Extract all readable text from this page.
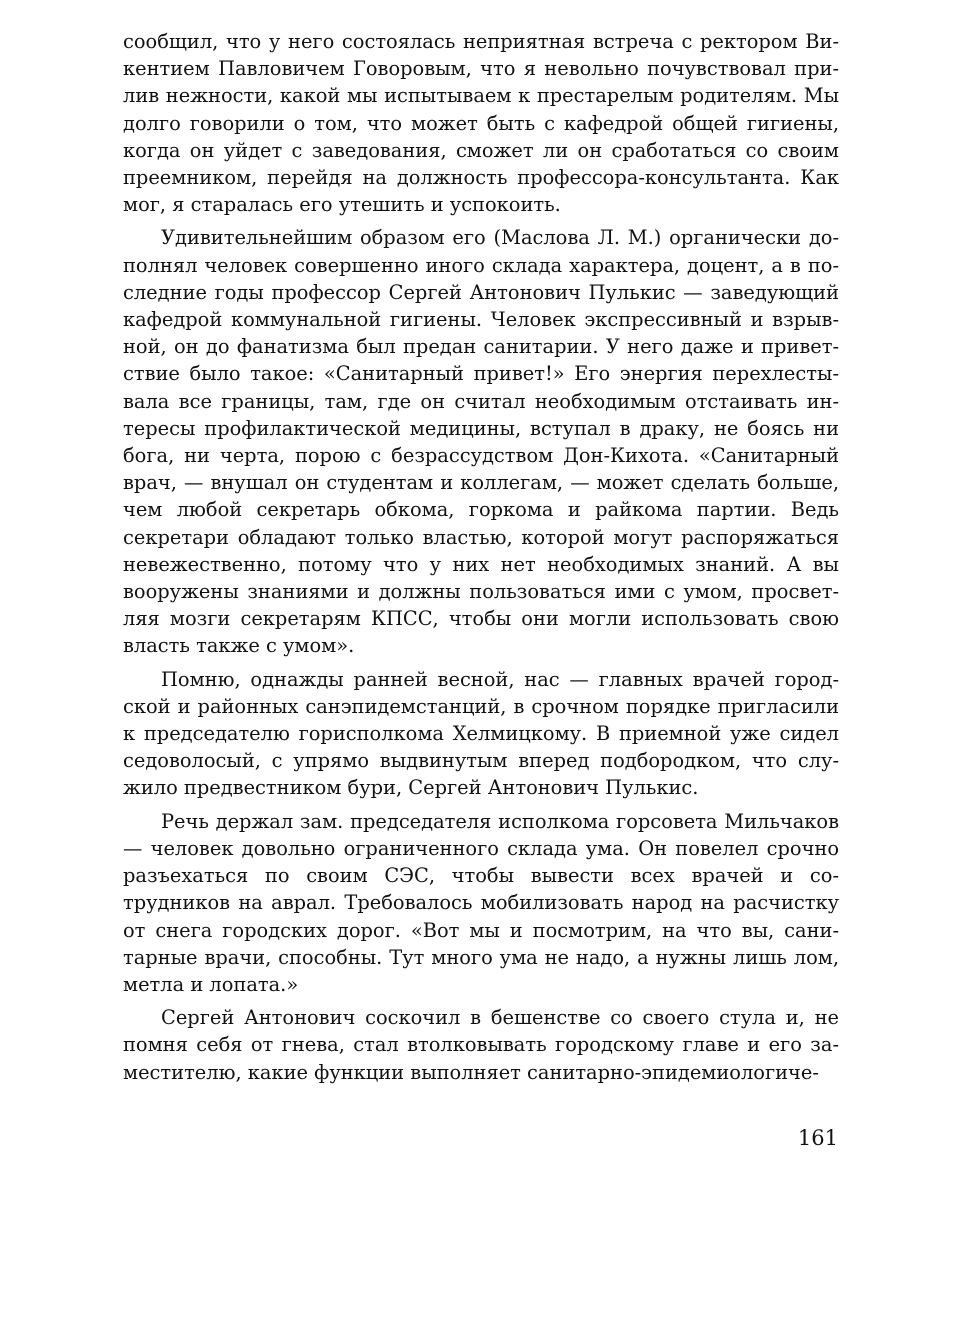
сообщил, что у него состоялась неприятная встреча с ректором Викентием Павловичем Говоровым, что я невольно почувствовал прилив нежности, какой мы испытываем к престарелым родителям. Мы долго говорили о том, что может быть с кафедрой общей гигиены, когда он уйдет с заведования, сможет ли он сработаться со своим преемником, перейдя на должность профессора-консультанта. Как мог, я старалась его утешить и успокоить.

Удивительнейшим образом его (Маслова Л. М.) органически дополнял человек совершенно иного склада характера, доцент, а в последние годы профессор Сергей Антонович Пулькис — заведующий кафедрой коммунальной гигиены. Человек экспрессивный и взрывной, он до фанатизма был предан санитарии. У него даже и приветствие было такое: «Санитарный привет!» Его энергия перехлестывала все границы, там, где он считал необходимым отстаивать интересы профилактической медицины, вступал в драку, не боясь ни бога, ни черта, порою с безрассудством Дон-Кихота. «Санитарный врач, — внушал он студентам и коллегам, — может сделать больше, чем любой секретарь обкома, горкома и райкома партии. Ведь секретари обладают только властью, которой могут распоряжаться невежественно, потому что у них нет необходимых знаний. А вы вооружены знаниями и должны пользоваться ими с умом, просветляя мозги секретарям КПСС, чтобы они могли использовать свою власть также с умом».

Помню, однажды ранней весной, нас — главных врачей городской и районных санэпидемстанций, в срочном порядке пригласили к председателю горисполкома Хелмицкому. В приемной уже сидел седоволосый, с упрямо выдвинутым вперед подбородком, что служило предвестником бури, Сергей Антонович Пулькис.

Речь держал зам. председателя исполкома горсовета Мильчаков — человек довольно ограниченного склада ума. Он повелел срочно разъехаться по своим СЭС, чтобы вывести всех врачей и сотрудников на аврал. Требовалось мобилизовать народ на расчистку от снега городских дорог. «Вот мы и посмотрим, на что вы, санитарные врачи, способны. Тут много ума не надо, а нужны лишь лом, метла и лопата.»

Сергей Антонович соскочил в бешенстве со своего стула и, не помня себя от гнева, стал втолковывать городскому главе и его заместителю, какие функции выполняет санитарно-эпидемиологиче-

161
